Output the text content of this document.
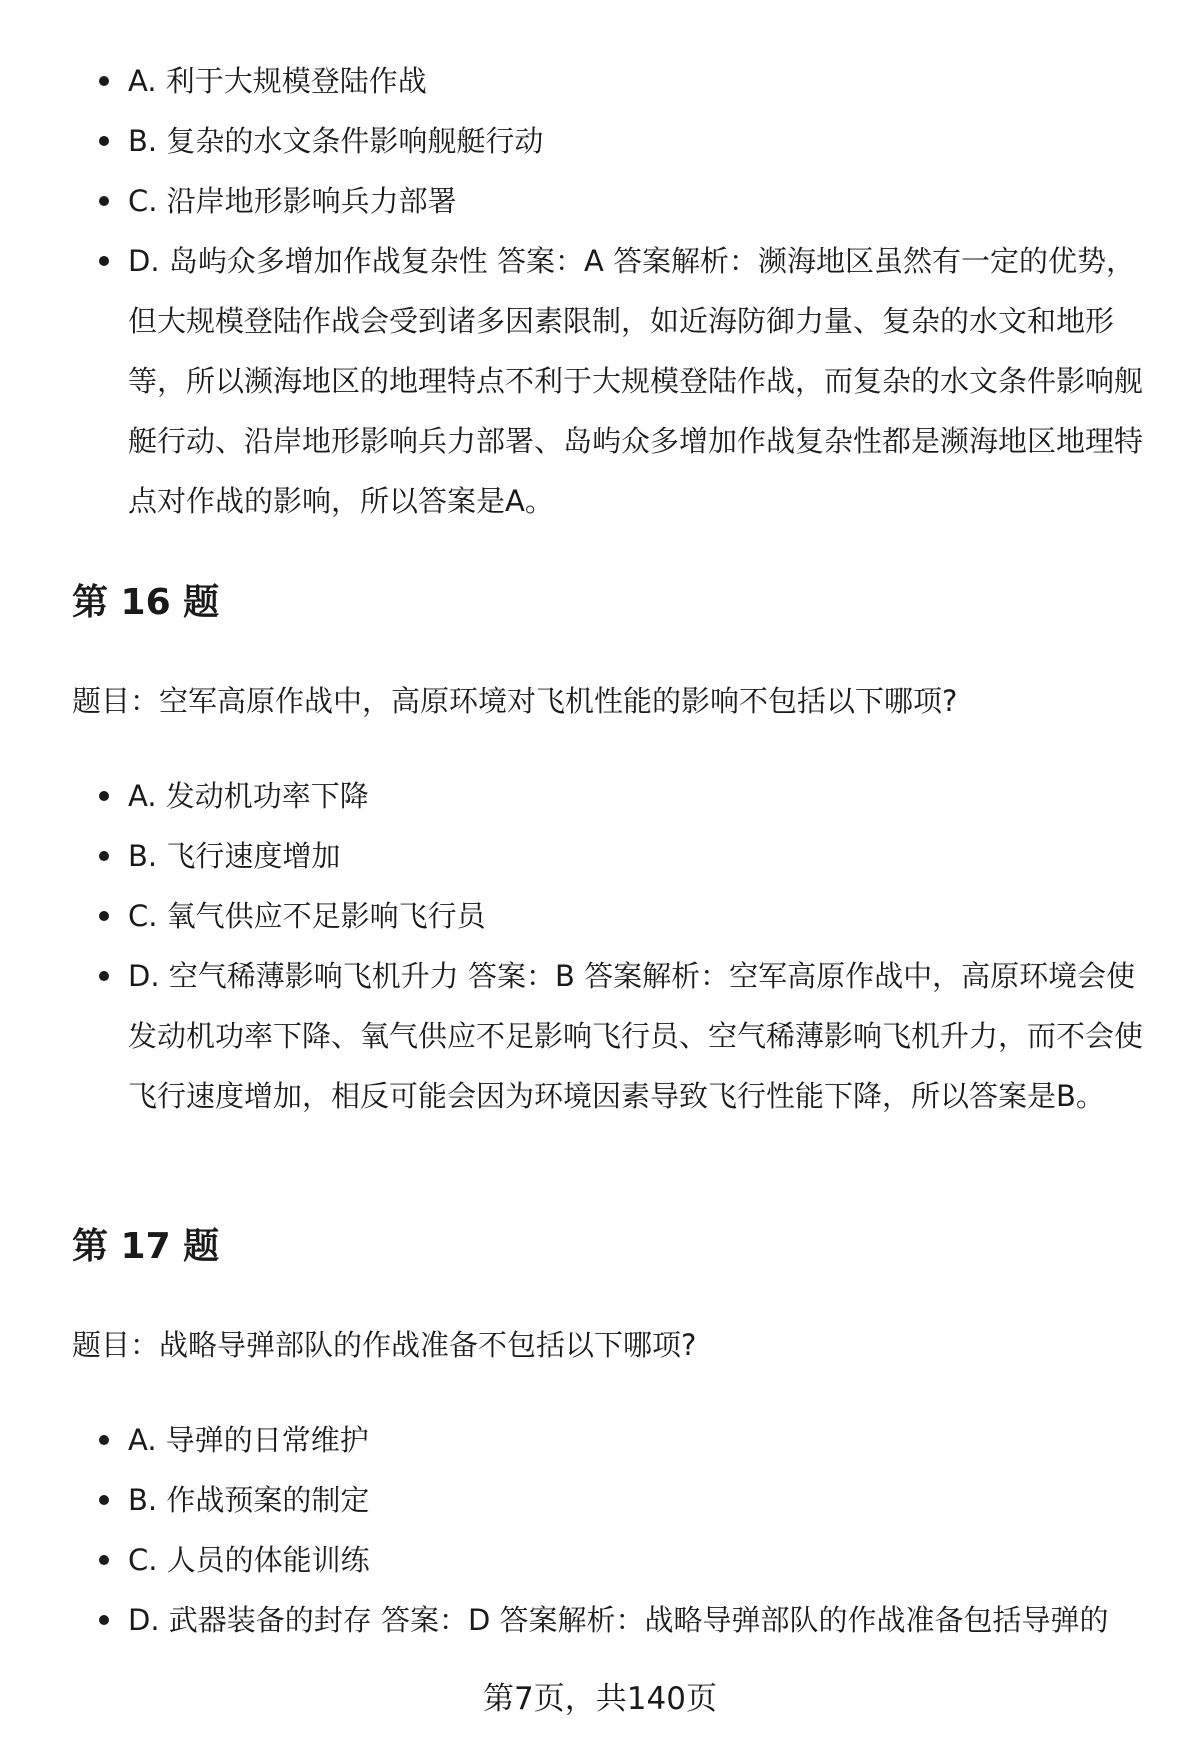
A. 利于大规模登陆作战
B. 复杂的水文条件影响舰艇行动
C. 沿岸地形影响兵力部署
D. 岛屿众多增加作战复杂性 答案：A 答案解析：濒海地区虽然有一定的优势，但大规模登陆作战会受到诸多因素限制，如近海防御力量、复杂的水文和地形等，所以濒海地区的地理特点不利于大规模登陆作战，而复杂的水文条件影响舰艇行动、沿岸地形影响兵力部署、岛屿众多增加作战复杂性都是濒海地区地理特点对作战的影响，所以答案是A。
第 16 题

题目：空军高原作战中，高原环境对飞机性能的影响不包括以下哪项?

A. 发动机功率下降
B. 飞行速度增加
C. 氧气供应不足影响飞行员
D. 空气稀薄影响飞机升力 答案：B 答案解析：空军高原作战中，高原环境会使发动机功率下降、氧气供应不足影响飞行员、空气稀薄影响飞机升力，而不会使飞行速度增加，相反可能会因为环境因素导致飞行性能下降，所以答案是B。
第 17 题

题目：战略导弹部队的作战准备不包括以下哪项?

A. 导弹的日常维护
B. 作战预案的制定
C. 人员的体能训练
D. 武器装备的封存 答案：D 答案解析：战略导弹部队的作战准备包括导弹的
第7页，共140页
